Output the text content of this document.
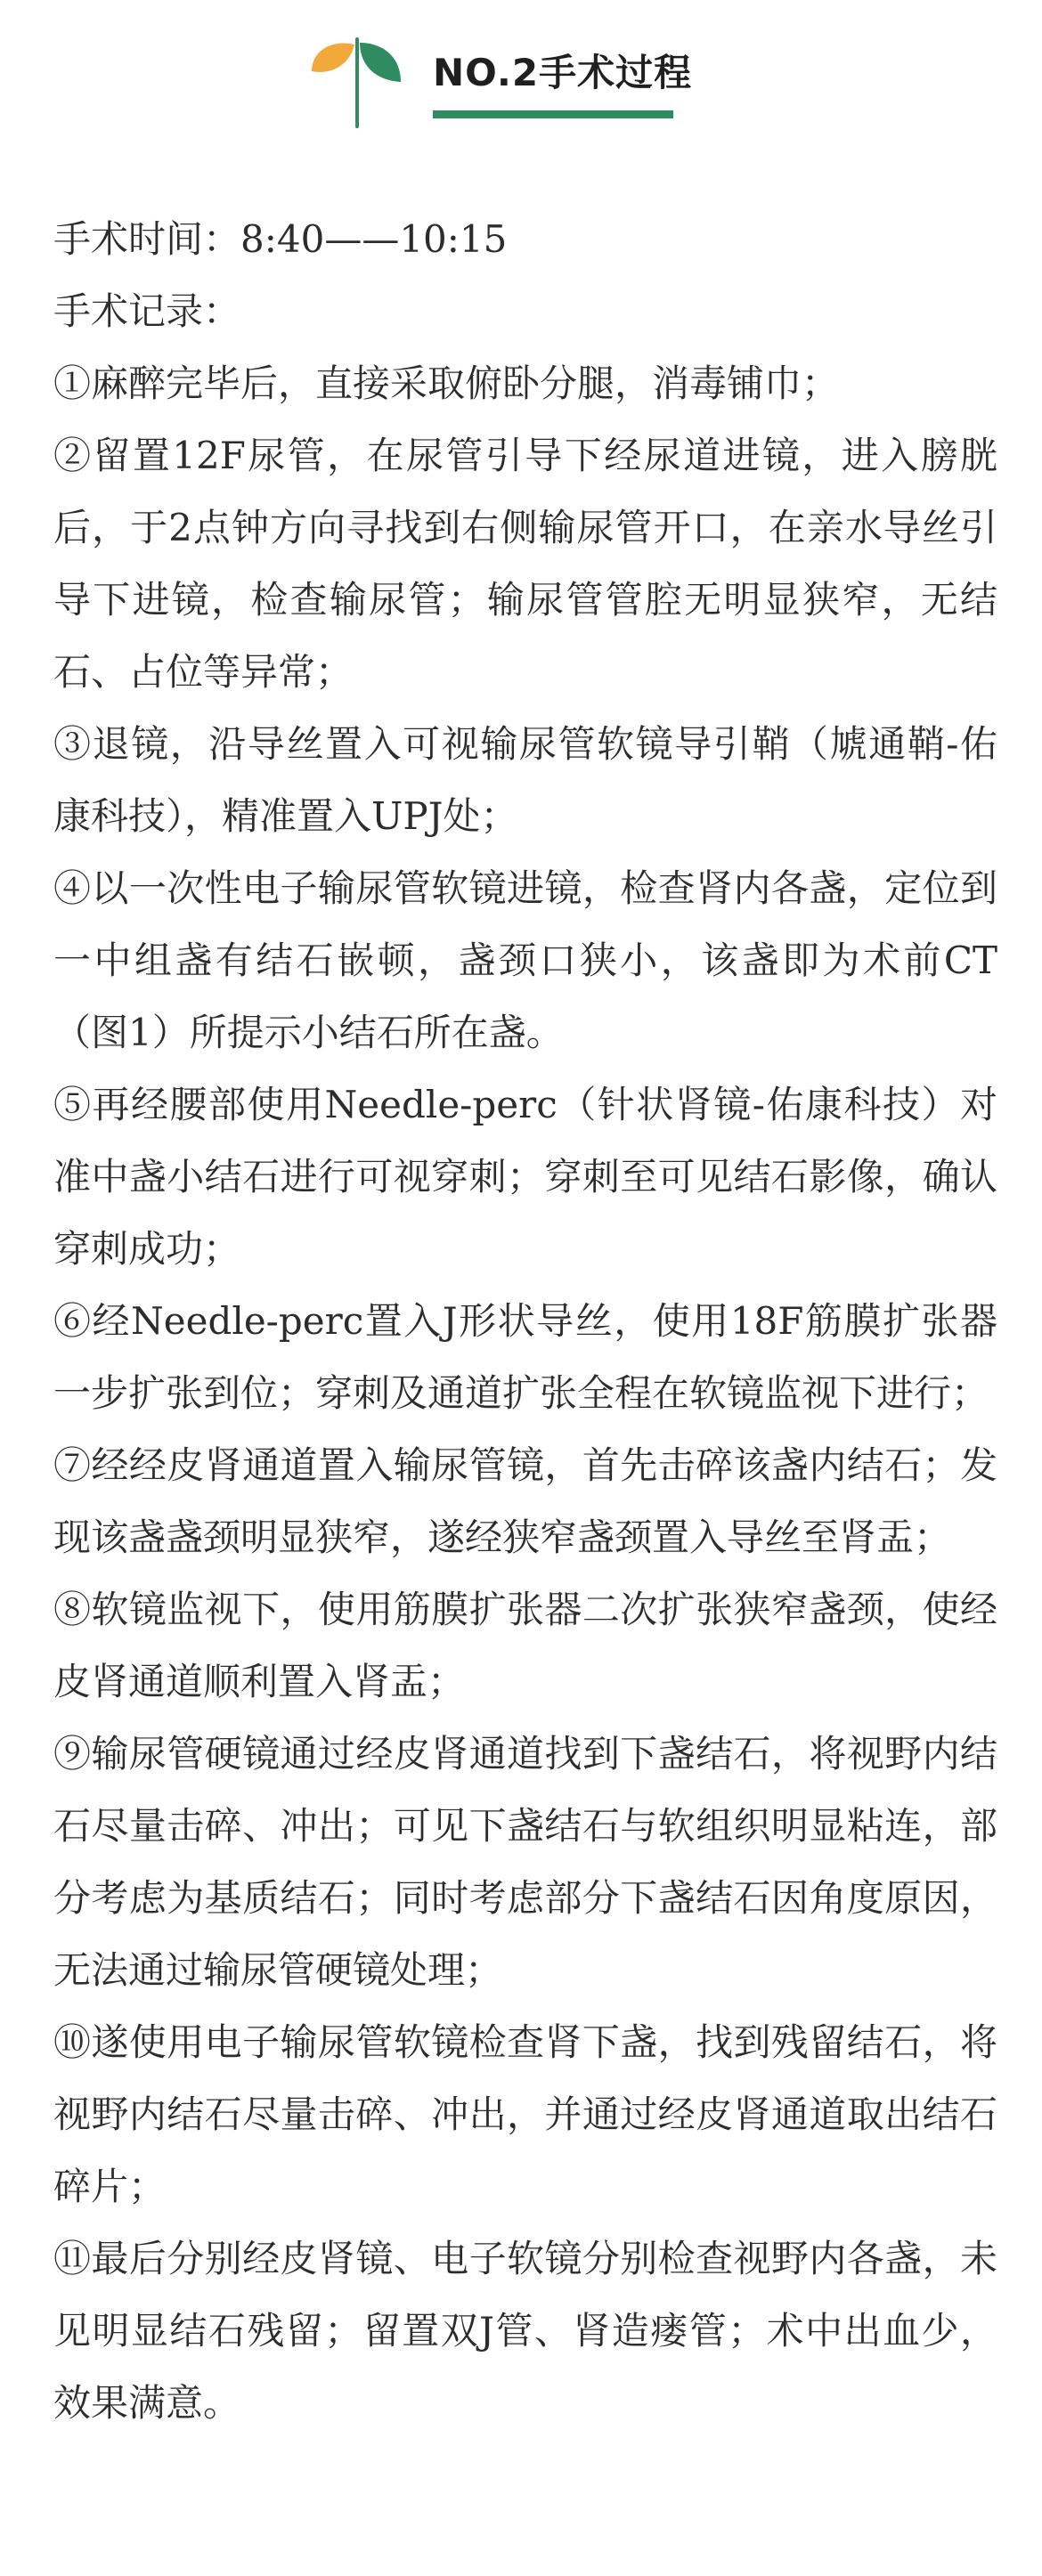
NO.2手术过程

手术时间：8:40——10:15

手术记录：

①麻醉完毕后，直接采取俯卧分腿，消毒铺巾；

②留置12F尿管，在尿管引导下经尿道进镜，进入膀胱后，于2点钟方向寻找到右侧输尿管开口，在亲水导丝引导下进镜，检查输尿管；输尿管管腔无明显狭窄，无结石、占位等异常；

③退镜，沿导丝置入可视输尿管软镜导引鞘（虓通鞘-佑康科技），精准置入UPJ处；

④以一次性电子输尿管软镜进镜，检查肾内各盏，定位到一中组盏有结石嵌顿，盏颈口狭小，该盏即为术前CT（图1）所提示小结石所在盏。

⑤再经腰部使用Needle-perc（针状肾镜-佑康科技）对准中盏小结石进行可视穿刺；穿刺至可见结石影像，确认穿刺成功；

⑥经Needle-perc置入J形状导丝，使用18F筋膜扩张器一步扩张到位；穿刺及通道扩张全程在软镜监视下进行；

⑦经经皮肾通道置入输尿管镜，首先击碎该盏内结石；发现该盏盏颈明显狭窄，遂经狭窄盏颈置入导丝至肾盂；

⑧软镜监视下，使用筋膜扩张器二次扩张狭窄盏颈，使经皮肾通道顺利置入肾盂；

⑨输尿管硬镜通过经皮肾通道找到下盏结石，将视野内结石尽量击碎、冲出；可见下盏结石与软组织明显粘连，部分考虑为基质结石；同时考虑部分下盏结石因角度原因，无法通过输尿管硬镜处理；

⑩遂使用电子输尿管软镜检查肾下盏，找到残留结石，将视野内结石尽量击碎、冲出，并通过经皮肾通道取出结石碎片；

⑪最后分别经皮肾镜、电子软镜分别检查视野内各盏，未见明显结石残留；留置双J管、肾造瘘管；术中出血少，效果满意。
